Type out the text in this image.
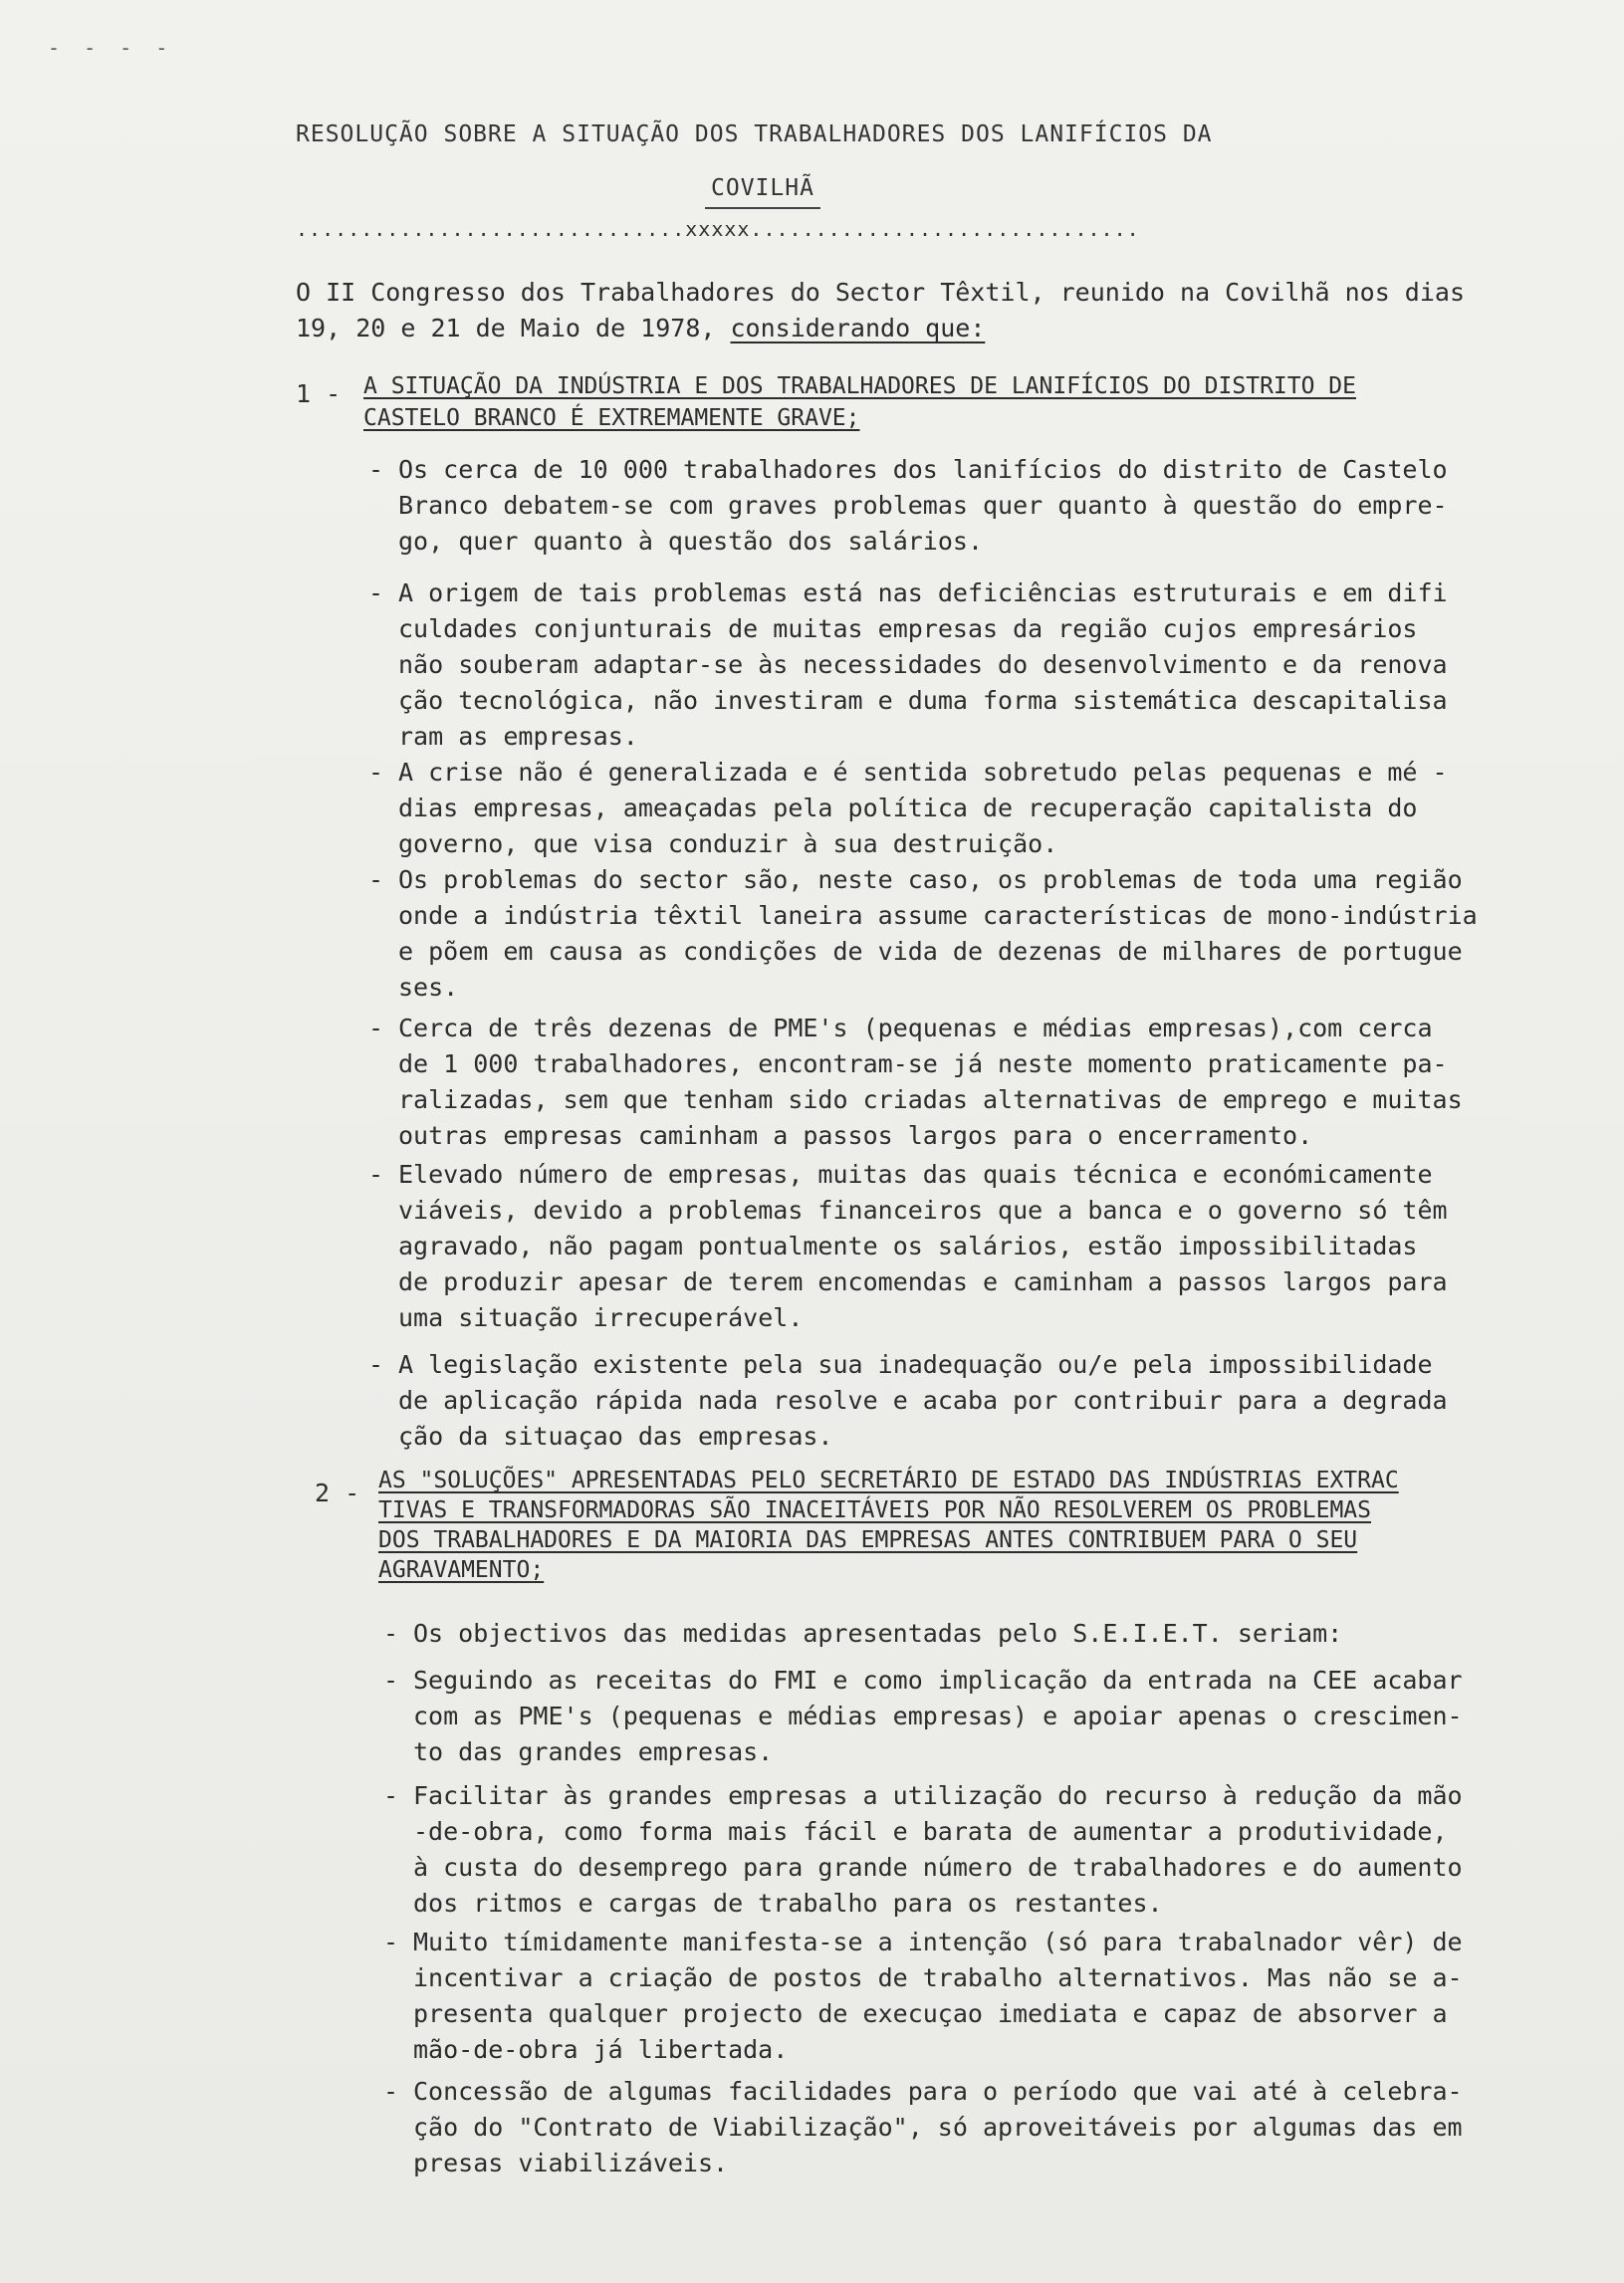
- - - -
RESOLUÇÃO SOBRE A SITUAÇÃO DOS TRABALHADORES DOS LANIFÍCIOS DA
COVILHÃ
..............................xxxxx..............................
O II Congresso dos Trabalhadores do Sector Têxtil, reunido na Covilhã nos dias
19, 20 e 21 de Maio de 1978, considerando que:
1 - A SITUAÇÃO DA INDÚSTRIA E DOS TRABALHADORES DE LANIFÍCIOS DO DISTRITO DE
CASTELO BRANCO É EXTREMAMENTE GRAVE;
- Os cerca de 10 000 trabalhadores dos lanifícios do distrito de Castelo
Branco debatem-se com graves problemas quer quanto à questão do empre-
go, quer quanto à questão dos salários.
- A origem de tais problemas está nas deficiências estruturais e em difi
culdades conjunturais de muitas empresas da região cujos empresários
não souberam adaptar-se às necessidades do desenvolvimento e da renova
ção tecnológica, não investiram e duma forma sistemática descapitalisa
ram as empresas.
- A crise não é generalizada e é sentida sobretudo pelas pequenas e mé -
dias empresas, ameaçadas pela política de recuperação capitalista do
governo, que visa conduzir à sua destruição.
- Os problemas do sector são, neste caso, os problemas de toda uma região
onde a indústria têxtil laneira assume características de mono-indústria
e põem em causa as condições de vida de dezenas de milhares de portugue
ses.
- Cerca de três dezenas de PME's (pequenas e médias empresas),com cerca
de 1 000 trabalhadores, encontram-se já neste momento praticamente pa-
ralizadas, sem que tenham sido criadas alternativas de emprego e muitas
outras empresas caminham a passos largos para o encerramento.
- Elevado número de empresas, muitas das quais técnica e económicamente
viáveis, devido a problemas financeiros que a banca e o governo só têm
agravado, não pagam pontualmente os salários, estão impossibilitadas
de produzir apesar de terem encomendas e caminham a passos largos para
uma situação irrecuperável.
- A legislação existente pela sua inadequação ou/e pela impossibilidade
de aplicação rápida nada resolve e acaba por contribuir para a degrada
ção da situaçao das empresas.
2 - AS "SOLUÇÕES" APRESENTADAS PELO SECRETÁRIO DE ESTADO DAS INDÚSTRIAS EXTRAC
TIVAS E TRANSFORMADORAS SÃO INACEITÁVEIS POR NÃO RESOLVEREM OS PROBLEMAS
DOS TRABALHADORES E DA MAIORIA DAS EMPRESAS ANTES CONTRIBUEM PARA O SEU
AGRAVAMENTO;
- Os objectivos das medidas apresentadas pelo S.E.I.E.T. seriam:
- Seguindo as receitas do FMI e como implicação da entrada na CEE acabar
com as PME's (pequenas e médias empresas) e apoiar apenas o crescimen-
to das grandes empresas.
- Facilitar às grandes empresas a utilização do recurso à redução da mão
-de-obra, como forma mais fácil e barata de aumentar a produtividade,
à custa do desemprego para grande número de trabalhadores e do aumento
dos ritmos e cargas de trabalho para os restantes.
- Muito tímidamente manifesta-se a intenção (só para trabalnador vêr) de
incentivar a criação de postos de trabalho alternativos. Mas não se a-
presenta qualquer projecto de execuçao imediata e capaz de absorver a
mão-de-obra já libertada.
- Concessão de algumas facilidades para o período que vai até à celebra-
ção do "Contrato de Viabilização", só aproveitáveis por algumas das em
presas viabilizáveis.
